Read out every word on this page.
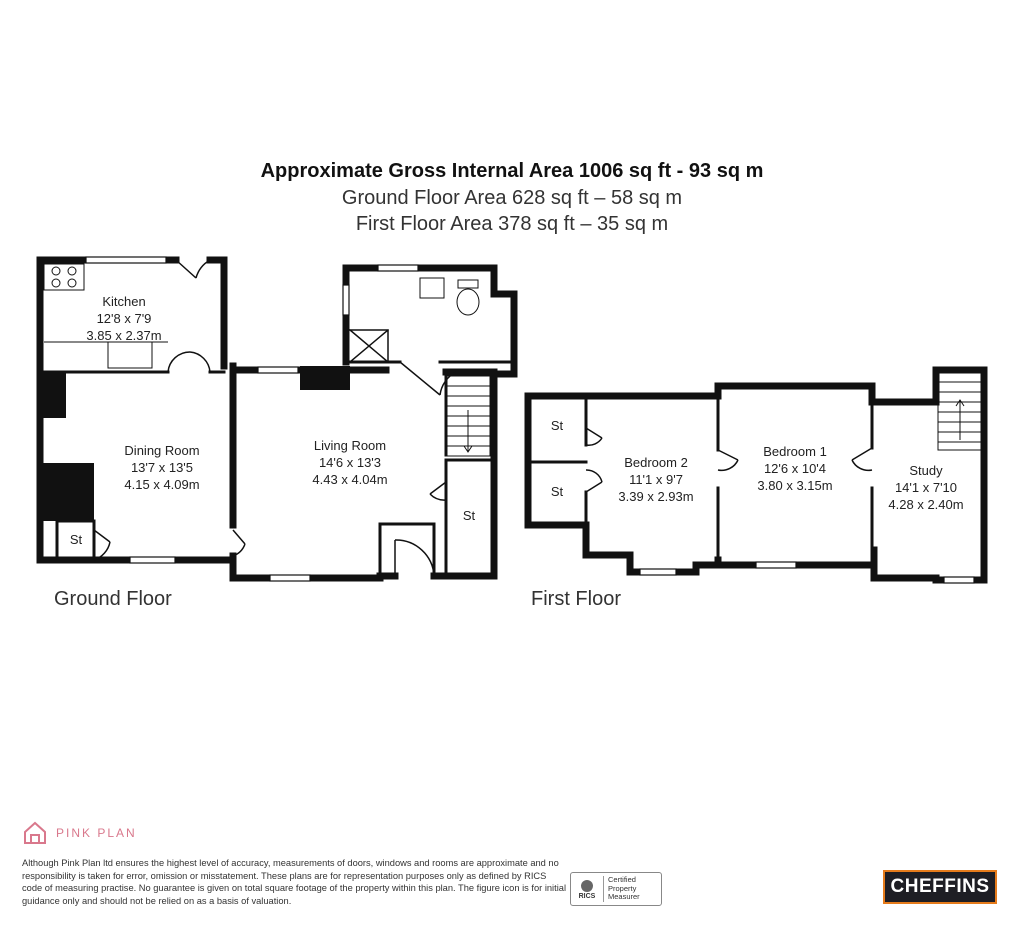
Approximate Gross Internal Area 1006 sq ft - 93 sq m
Ground Floor Area 628 sq ft – 58 sq m
First Floor Area 378 sq ft – 35 sq m
Kitchen
12'8 x 7'9
3.85 x 2.37m
Dining Room
13'7 x 13'5
4.15 x 4.09m
Living Room
14'6 x 13'3
4.43 x 4.04m
St
St
St
St
Bedroom 2
11'1 x 9'7
3.39 x 2.93m
Bedroom 1
12'6 x 10'4
3.80 x 3.15m
Study
14'1 x 7'10
4.28 x 2.40m
Ground Floor	First Floor
PINK PLAN
Although Pink Plan ltd ensures the highest level of accuracy, measurements of doors, windows and rooms are approximate and no responsibility is taken for error, omission or misstatement. These plans are for representation purposes only as defined by RICS code of measuring practise. No guarantee is given on total square footage of the property within this plan. The figure icon is for initial guidance only and should not be relied on as a basis of valuation.	RICS
Certified
Property
Measurer	CHEFFINS
